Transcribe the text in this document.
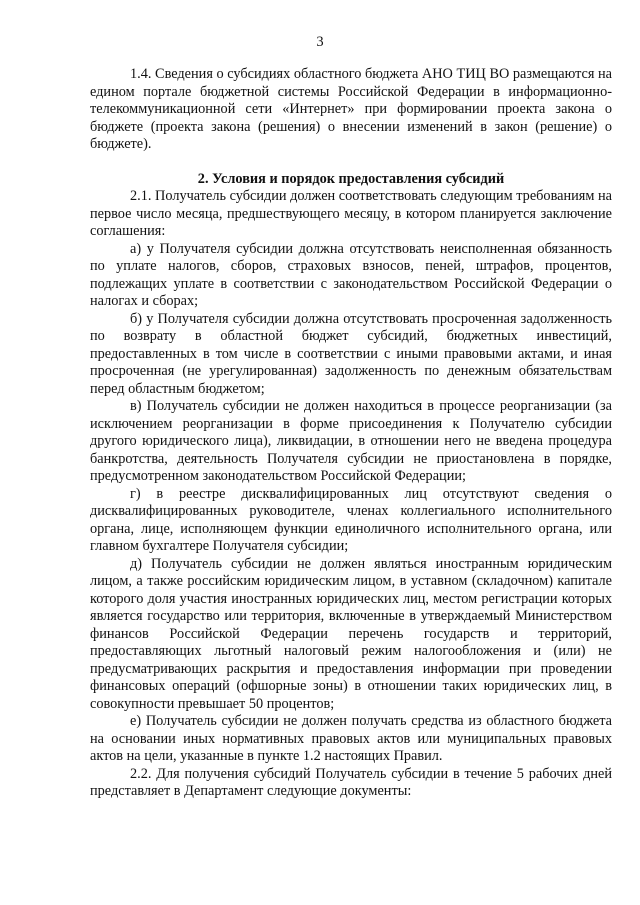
3

1.4. Сведения о субсидиях областного бюджета АНО ТИЦ ВО размещаются на едином портале бюджетной системы Российской Федерации в информационно-телекоммуникационной сети «Интернет» при формировании проекта закона о бюджете (проекта закона (решения) о внесении изменений в закон (решение) о бюджете).

2. Условия и порядок предоставления субсидий

2.1. Получатель субсидии должен соответствовать следующим требованиям на первое число месяца, предшествующего месяцу, в котором планируется заключение соглашения:

а) у Получателя субсидии должна отсутствовать неисполненная обязанность по уплате налогов, сборов, страховых взносов, пеней, штрафов, процентов, подлежащих уплате в соответствии с законодательством Российской Федерации о налогах и сборах;

б) у Получателя субсидии должна отсутствовать просроченная задолженность по возврату в областной бюджет субсидий, бюджетных инвестиций, предоставленных в том числе в соответствии с иными правовыми актами, и иная просроченная (не урегулированная) задолженность по денежным обязательствам перед областным бюджетом;

в) Получатель субсидии не должен находиться в процессе реорганизации (за исключением реорганизации в форме присоединения к Получателю субсидии другого юридического лица), ликвидации, в отношении него не введена процедура банкротства, деятельность Получателя субсидии не приостановлена в порядке, предусмотренном законодательством Российской Федерации;

г) в реестре дисквалифицированных лиц отсутствуют сведения о дисквалифицированных руководителе, членах коллегиального исполнительного органа, лице, исполняющем функции единоличного исполнительного органа, или главном бухгалтере Получателя субсидии;

д) Получатель субсидии не должен являться иностранным юридическим лицом, а также российским юридическим лицом, в уставном (складочном) капитале которого доля участия иностранных юридических лиц, местом регистрации которых является государство или территория, включенные в утверждаемый Министерством финансов Российской Федерации перечень государств и территорий, предоставляющих льготный налоговый режим налогообложения и (или) не предусматривающих раскрытия и предоставления информации при проведении финансовых операций (офшорные зоны) в отношении таких юридических лиц, в совокупности превышает 50 процентов;

е) Получатель субсидии не должен получать средства из областного бюджета на основании иных нормативных правовых актов или муниципальных правовых актов на цели, указанные в пункте 1.2 настоящих Правил.

2.2. Для получения субсидий Получатель субсидии в течение 5 рабочих дней представляет в Департамент следующие документы:
